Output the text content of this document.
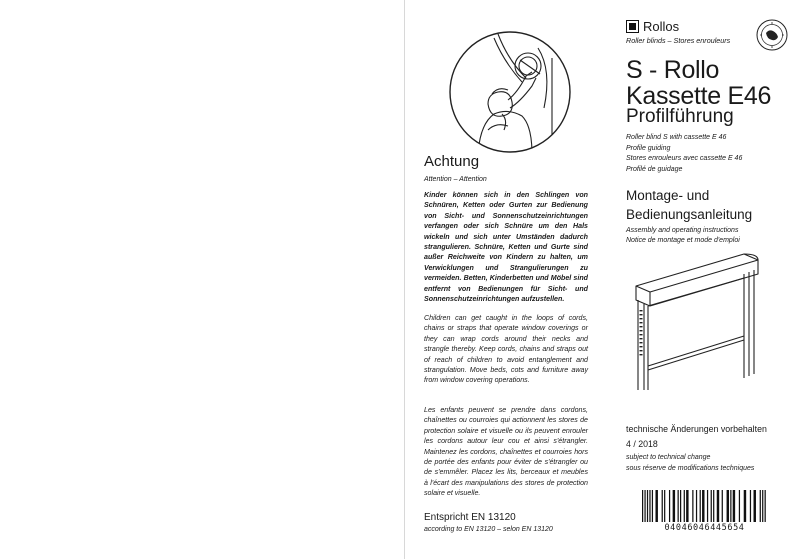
Achtung
Attention – Attention

Kinder können sich in den Schlingen von Schnüren, Ketten oder Gurten zur Bedienung von Sicht- und Sonnenschutzeinrichtungen verfangen oder sich Schnüre um den Hals wickeln und sich unter Umständen dadurch strangulieren. Schnüre, Ketten und Gurte sind außer Reichweite von Kindern zu halten, um Verwicklungen und Strangulierungen zu vermeiden. Betten, Kinderbetten und Möbel sind entfernt von Bedienungen für Sicht- und Sonnenschutzeinrichtungen aufzustellen.

Children can get caught in the loops of cords, chains or straps that operate window coverings or they can wrap cords around their necks and strangle thereby. Keep cords, chains and straps out of reach of children to avoid entanglement and strangulation. Move beds, cots and furniture away from window covering operations.

Les enfants peuvent se prendre dans cordons, chaînettes ou courroies qui actionnent les stores de protection solaire et visuelle ou ils peuvent enrouler les cordons autour leur cou et ainsi s'étrangler. Maintenez les cordons, chaînettes et courroies hors de portée des enfants pour éviter de s'étrangler ou de s'emmêler. Placez les lits, berceaux et meubles à l'écart des manipulations des stores de protection solaire et visuelle.

Entspricht EN 13120
according to EN 13120 – selon EN 13120
Rollos
Roller blinds – Stores enrouleurs
S - Rollo
Kassette E46
Profilführung
Roller blind S with cassette E 46
Profile guiding
Stores enrouleurs avec cassette E 46
Profilé de guidage
Montage- und
Bedienungsanleitung
Assembly and operating instructions
Notice de montage et mode d'emploi
technische Änderungen vorbehalten
4 / 2018
subject to technical change
sous réserve de modifications techniques
04046046445654
